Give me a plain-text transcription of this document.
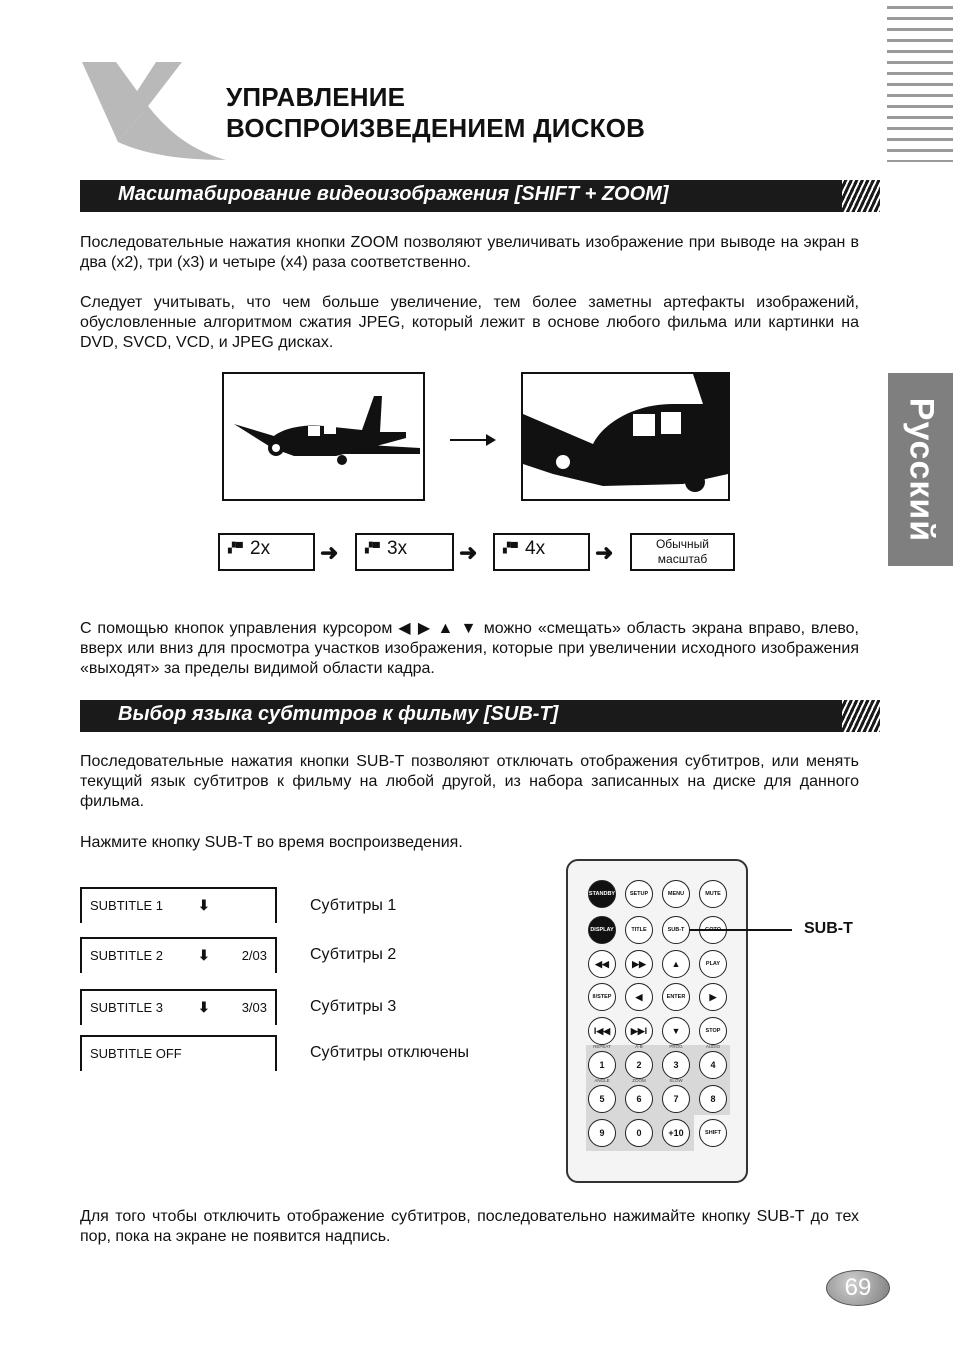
УПРАВЛЕНИЕ
ВОСПРОИЗВЕДЕНИЕМ ДИСКОВ
Русский
Масштабирование видеоизображения [SHIFT + ZOOM]
Последовательные нажатия кнопки ZOOM позволяют увеличивать изображение при выводе на экран в два (x2), три (x3) и четыре (x4) раза соответственно.
Следует учитывать, что чем больше увеличение, тем более заметны артефакты изображений, обусловленные алгоритмом сжатия JPEG, который лежит в основе любого фильма или картинки на DVD, SVCD, VCD, и JPEG дисках.
▞▀ 2x ➜	▞▀ 3x ➜	▞▀ 4x ➜	Обычный
масштаб
С помощью кнопок управления курсором ◀ ▶ ▲ ▼ можно «смещать» область экрана вправо, влево, вверх или вниз для просмотра участков изображения, которые при увеличении исходного изображения «выходят» за пределы видимой области кадра.
Выбор языка субтитров к фильму [SUB-T]
Последовательные нажатия кнопки SUB-T позволяют отключать отображения субтитров, или менять текущий язык субтитров к фильму на любой другой, из набора записанных на диске для данного фильма.
Нажмите кнопку SUB-T во время воспроизведения.
SUBTITLE 1	⬇	Субтитры 1
SUBTITLE 2	⬇ 2/03	Субтитры 2
SUBTITLE 3	⬇ 3/03	Субтитры 3
SUBTITLE OFF	Субтитры отключены
STANDBY	SETUP	MENU	MUTE
DISPLAY	TITLE	SUB-T
◀◀	▶▶	▲	PLAY
II/STEP	◀	ENTER	▶
I◀◀	▶▶I	▼	STOP
1	2	3	4
5	6	7	8
9	0	+10	SHIFT
REPEAT	A-B	PROG	AUDIO
ANGLE	ZOOM	SLOW
SUB-T
Для того чтобы отключить отображение субтитров, последовательно нажимайте кнопку SUB-T до тех пор, пока на экране не появится надпись.
69
